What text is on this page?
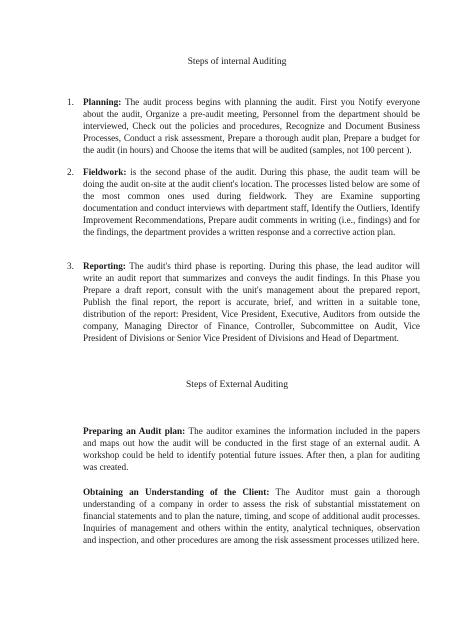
Steps of internal Auditing
1. Planning: The audit process begins with planning the audit. First you Notify everyone about the audit, Organize a pre-audit meeting, Personnel from the department should be interviewed, Check out the policies and procedures, Recognize and Document Business Processes, Conduct a risk assessment, Prepare a thorough audit plan, Prepare a budget for the audit (in hours) and Choose the items that will be audited (samples, not 100 percent ).
2. Fieldwork: is the second phase of the audit. During this phase, the audit team will be doing the audit on-site at the audit client's location. The processes listed below are some of the most common ones used during fieldwork. They are Examine supporting documentation and conduct interviews with department staff, Identify the Outliers, Identify Improvement Recommendations, Prepare audit comments in writing (i.e., findings) and for the findings, the department provides a written response and a corrective action plan.
3. Reporting: The audit's third phase is reporting. During this phase, the lead auditor will write an audit report that summarizes and conveys the audit findings. In this Phase you Prepare a draft report, consult with the unit's management about the prepared report, Publish the final report, the report is accurate, brief, and written in a suitable tone, distribution of the report: President, Vice President, Executive, Auditors from outside the company, Managing Director of Finance, Controller, Subcommittee on Audit, Vice President of Divisions or Senior Vice President of Divisions and Head of Department.
Steps of External Auditing
Preparing an Audit plan: The auditor examines the information included in the papers and maps out how the audit will be conducted in the first stage of an external audit. A workshop could be held to identify potential future issues. After then, a plan for auditing was created.
Obtaining an Understanding of the Client: The Auditor must gain a thorough understanding of a company in order to assess the risk of substantial misstatement on financial statements and to plan the nature, timing, and scope of additional audit processes. Inquiries of management and others within the entity, analytical techniques, observation and inspection, and other procedures are among the risk assessment processes utilized here.
